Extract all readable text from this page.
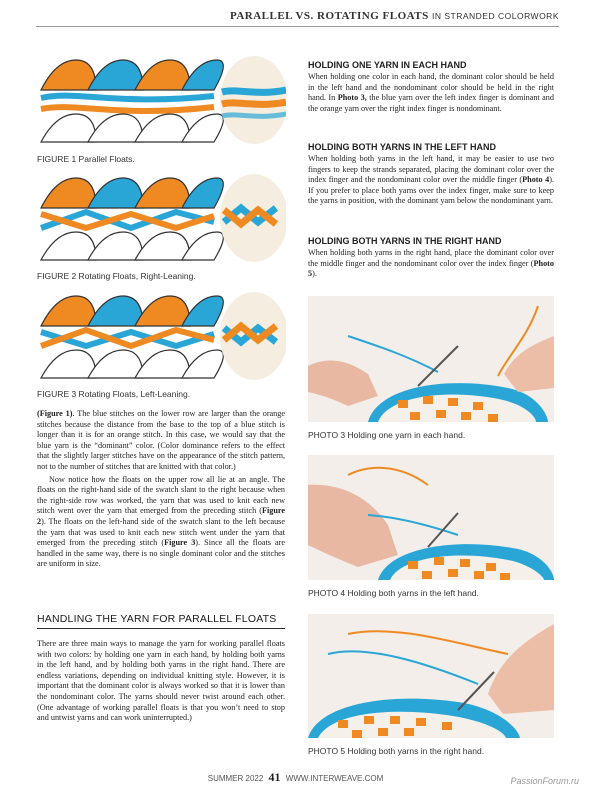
PARALLEL VS. ROTATING FLOATS IN STRANDED COLORWORK
FIGURE 1 Parallel Floats.
FIGURE 2 Rotating Floats, Right-Leaning.
FIGURE 3 Rotating Floats, Left-Leaning.
HOLDING ONE YARN IN EACH HAND

When holding one color in each hand, the dominant color should be held in the left hand and the nondominant color should be held in the right hand. In Photo 3, the blue yarn over the left index finger is dominant and the orange yarn over the right index finger is nondominant.

HOLDING BOTH YARNS IN THE LEFT HAND

When holding both yarns in the left hand, it may be easier to use two fingers to keep the strands separated, placing the dominant color over the index finger and the nondominant color over the middle finger (Photo 4). If you prefer to place both yarns over the index finger, make sure to keep the yarns in position, with the dominant yarn below the nondominant yarn.

HOLDING BOTH YARNS IN THE RIGHT HAND

When holding both yarns in the right hand, place the dominant color over the middle finger and the nondominant color over the index finger (Photo 5).

PHOTO 3 Holding one yarn in each hand.
PHOTO 4 Holding both yarns in the left hand.
PHOTO 5 Holding both yarns in the right hand.

(Figure 1). The blue stitches on the lower row are larger than the orange stitches because the distance from the base to the top of a blue stitch is longer than it is for an orange stitch. In this case, we would say that the blue yarn is the “dominant” color. (Color dominance refers to the effect that the slightly larger stitches have on the appearance of the stitch pattern, not to the number of stitches that are knitted with that color.)

Now notice how the floats on the upper row all lie at an angle. The floats on the right-hand side of the swatch slant to the right because when the right-side row was worked, the yarn that was used to knit each new stitch went over the yarn that emerged from the preceding stitch (Figure 2). The floats on the left-hand side of the swatch slant to the left because the yarn that was used to knit each new stitch went under the yarn that emerged from the preceding stitch (Figure 3). Since all the floats are handled in the same way, there is no single dominant color and the stitches are uniform in size.

HANDLING THE YARN FOR PARALLEL FLOATS

There are three main ways to manage the yarn for working parallel floats with two colors: by holding one yarn in each hand, by holding both yarns in the left hand, and by holding both yarns in the right hand. There are endless variations, depending on individual knitting style. However, it is important that the dominant color is always worked so that it is lower than the nondominant color. The yarns should never twist around each other. (One advantage of working parallel floats is that you won’t need to stop and untwist yarns and can work uninterrupted.)

SUMMER 2022 41 WWW.INTERWEAVE.COM	PassionForum.ru
